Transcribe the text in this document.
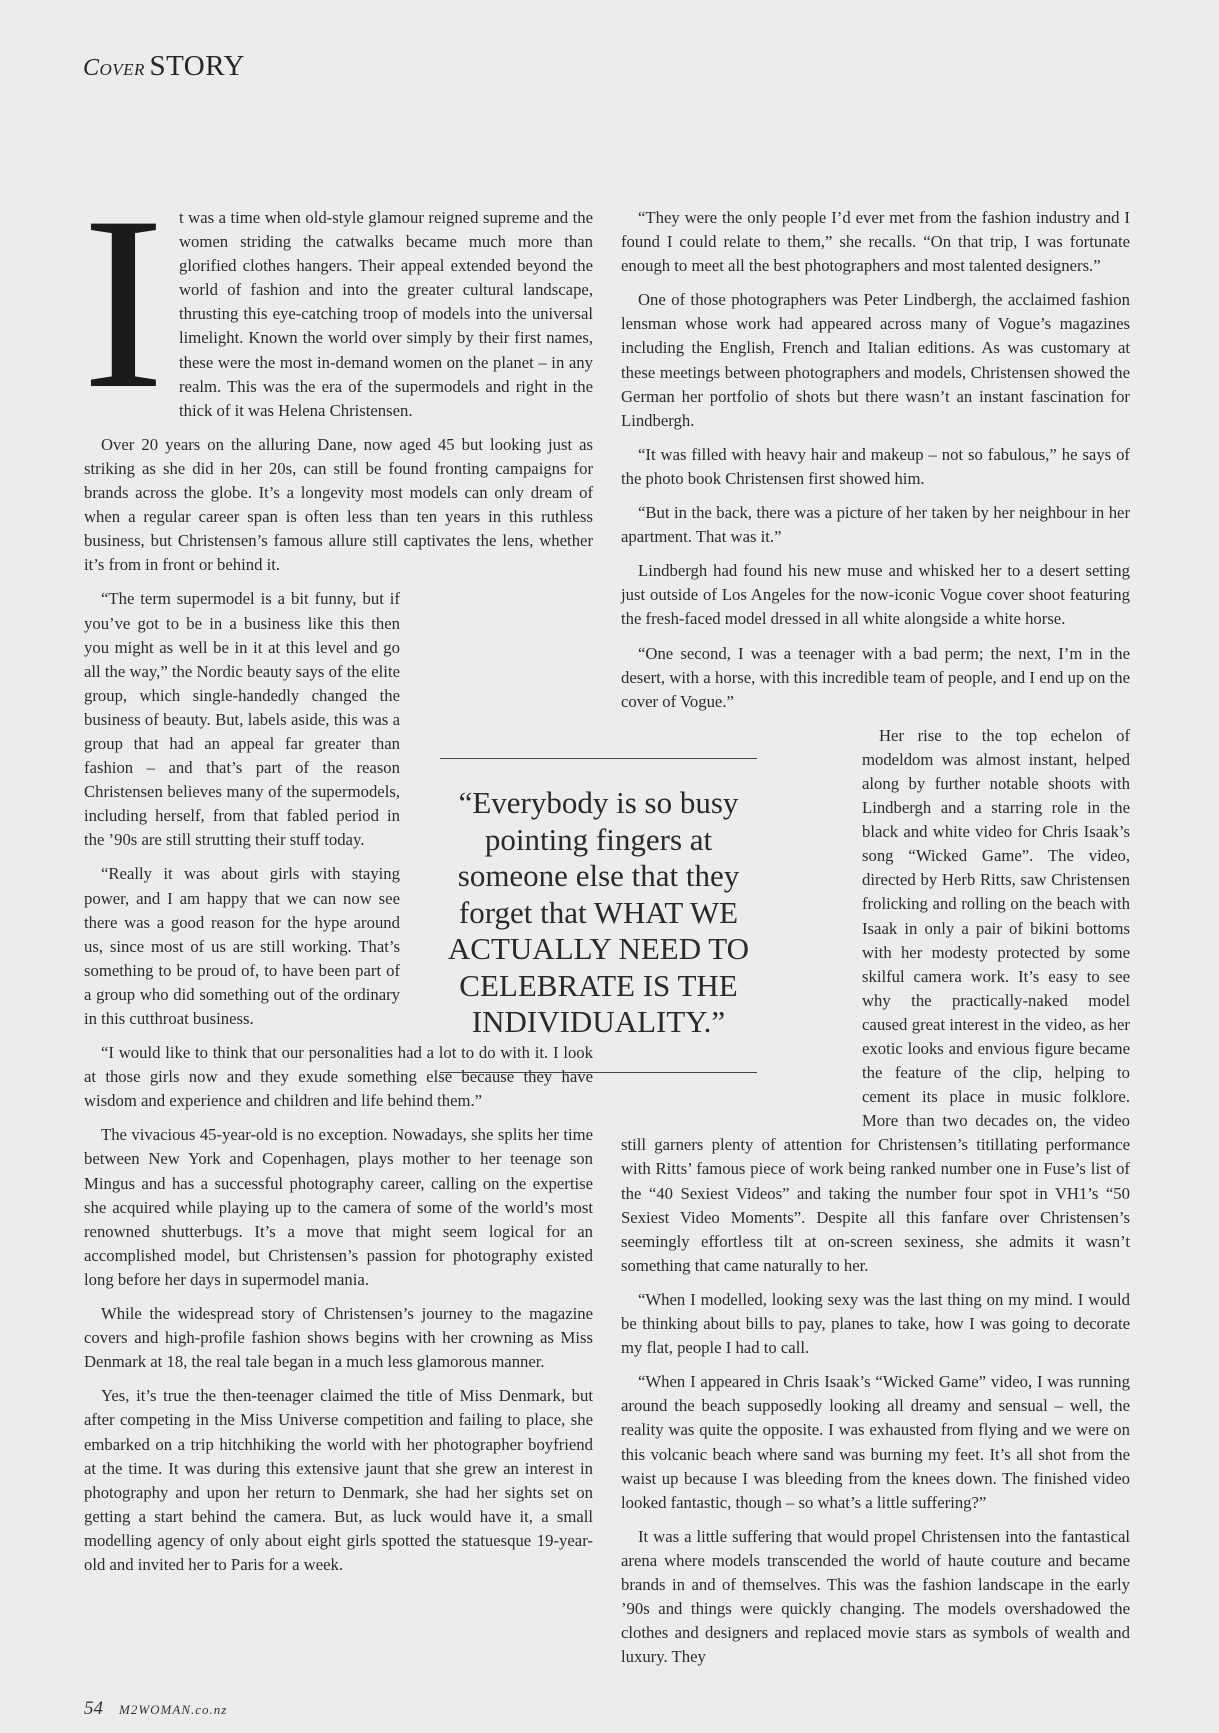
Cover STORY
I t was a time when old-style glamour reigned supreme and the women striding the catwalks became much more than glorified clothes hangers. Their appeal extended beyond the world of fashion and into the greater cultural landscape, thrusting this eye-catching troop of models into the universal limelight. Known the world over simply by their first names, these were the most in-demand women on the planet – in any realm. This was the era of the supermodels and right in the thick of it was Helena Christensen.

Over 20 years on the alluring Dane, now aged 45 but looking just as striking as she did in her 20s, can still be found fronting campaigns for brands across the globe. It’s a longevity most models can only dream of when a regular career span is often less than ten years in this ruthless business, but Christensen’s famous allure still captivates the lens, whether it’s from in front or behind it.

“The term supermodel is a bit funny, but if you’ve got to be in a business like this then you might as well be in it at this level and go all the way,” the Nordic beauty says of the elite group, which single-handedly changed the business of beauty. But, labels aside, this was a group that had an appeal far greater than fashion – and that’s part of the reason Christensen believes many of the supermodels, including herself, from that fabled period in the ’90s are still strutting their stuff today.

“Really it was about girls with staying power, and I am happy that we can now see there was a good reason for the hype around us, since most of us are still working. That’s something to be proud of, to have been part of a group who did something out of the ordinary in this cutthroat business.

“I would like to think that our personalities had a lot to do with it. I look at those girls now and they exude something else because they have wisdom and experience and children and life behind them.”

The vivacious 45-year-old is no exception. Nowadays, she splits her time between New York and Copenhagen, plays mother to her teenage son Mingus and has a successful photography career, calling on the expertise she acquired while playing up to the camera of some of the world’s most renowned shutterbugs. It’s a move that might seem logical for an accomplished model, but Christensen’s passion for photography existed long before her days in supermodel mania.

While the widespread story of Christensen’s journey to the magazine covers and high-profile fashion shows begins with her crowning as Miss Denmark at 18, the real tale began in a much less glamorous manner.

Yes, it’s true the then-teenager claimed the title of Miss Denmark, but after competing in the Miss Universe competition and failing to place, she embarked on a trip hitchhiking the world with her photographer boyfriend at the time. It was during this extensive jaunt that she grew an interest in photography and upon her return to Denmark, she had her sights set on getting a start behind the camera. But, as luck would have it, a small modelling agency of only about eight girls spotted the statuesque 19-year-old and invited her to Paris for a week.

“They were the only people I’d ever met from the fashion industry and I found I could relate to them,” she recalls. “On that trip, I was fortunate enough to meet all the best photographers and most talented designers.”

One of those photographers was Peter Lindbergh, the acclaimed fashion lensman whose work had appeared across many of Vogue’s magazines including the English, French and Italian editions. As was customary at these meetings between photographers and models, Christensen showed the German her portfolio of shots but there wasn’t an instant fascination for Lindbergh.

“It was filled with heavy hair and makeup – not so fabulous,” he says of the photo book Christensen first showed him.

“But in the back, there was a picture of her taken by her neighbour in her apartment. That was it.”

Lindbergh had found his new muse and whisked her to a desert setting just outside of Los Angeles for the now-iconic Vogue cover shoot featuring the fresh-faced model dressed in all white alongside a white horse.

“One second, I was a teenager with a bad perm; the next, I’m in the desert, with a horse, with this incredible team of people, and I end up on the cover of Vogue.”

Her rise to the top echelon of modeldom was almost instant, helped along by further notable shoots with Lindbergh and a starring role in the black and white video for Chris Isaak’s song “Wicked Game”. The video, directed by Herb Ritts, saw Christensen frolicking and rolling on the beach with Isaak in only a pair of bikini bottoms with her modesty protected by some skilful camera work. It’s easy to see why the practically-naked model caused great interest in the video, as her exotic looks and envious figure became the feature of the clip, helping to cement its place in music folklore. More than two decades on, the video still garners plenty of attention for Christensen’s titillating performance with Ritts’ famous piece of work being ranked number one in Fuse’s list of the “40 Sexiest Videos” and taking the number four spot in VH1’s “50 Sexiest Video Moments”. Despite all this fanfare over Christensen’s seemingly effortless tilt at on-screen sexiness, she admits it wasn’t something that came naturally to her.

“When I modelled, looking sexy was the last thing on my mind. I would be thinking about bills to pay, planes to take, how I was going to decorate my flat, people I had to call.

“When I appeared in Chris Isaak’s “Wicked Game” video, I was running around the beach supposedly looking all dreamy and sensual – well, the reality was quite the opposite. I was exhausted from flying and we were on this volcanic beach where sand was burning my feet. It’s all shot from the waist up because I was bleeding from the knees down. The finished video looked fantastic, though – so what’s a little suffering?”

It was a little suffering that would propel Christensen into the fantastical arena where models transcended the world of haute couture and became brands in and of themselves. This was the fashion landscape in the early ’90s and things were quickly changing. The models overshadowed the clothes and designers and replaced movie stars as symbols of wealth and luxury. They

“Everybody is so busy pointing fingers at someone else that they forget that WHAT WE ACTUALLY NEED TO CELEBRATE IS THE INDIVIDUALITY.”
54 M2WOMAN.co.nz
